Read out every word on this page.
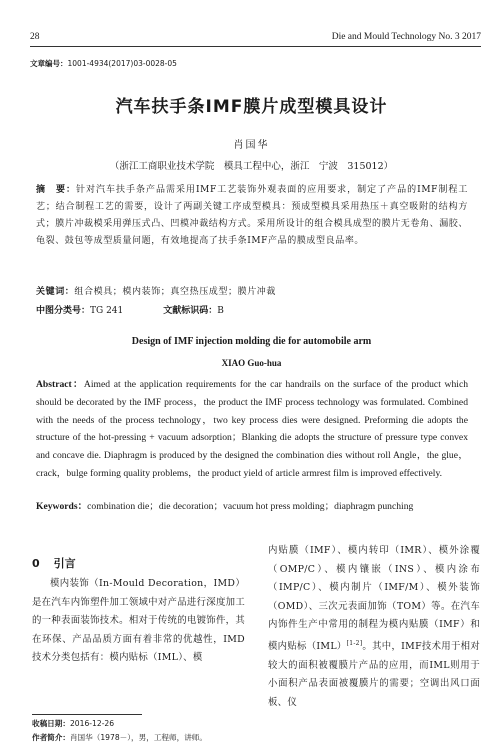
28	Die and Mould Technology No. 3 2017
文章编号：1001-4934(2017)03-0028-05
汽车扶手条IMF膜片成型模具设计
肖国华
（浙江工商职业技术学院　模具工程中心，浙江　宁波　315012）
摘　要：针对汽车扶手条产品需采用IMF工艺装饰外观表面的应用要求，制定了产品的IMF制程工艺；结合制程工艺的需要，设计了两副关键工序成型模具：预成型模具采用热压＋真空吸附的结构方式；膜片冲裁模采用弹压式凸、凹模冲裁结构方式。采用所设计的组合模具成型的膜片无卷角、漏胶、龟裂、鼓包等成型质量问题，有效地提高了扶手条IMF产品的膜成型良品率。
关键词：组合模具；模内装饰；真空热压成型；膜片冲裁
中图分类号：TG 241	文献标识码：B
Design of IMF injection molding die for automobile arm
XIAO Guo-hua
Abstract：Aimed at the application requirements for the car handrails on the surface of the product which should be decorated by the IMF process，the product the IMF process technology was formulated. Combined with the needs of the process technology，two key process dies were designed. Preforming die adopts the structure of the hot-pressing + vacuum adsorption；Blanking die adopts the structure of pressure type convex and concave die. Diaphragm is produced by the designed the combination dies without roll Angle，the glue，crack，bulge forming quality problems，the product yield of article armrest film is improved effectively.
Keywords：combination die；die decoration；vacuum hot press molding；diaphragm punching
0 引言
模内装饰（In-Mould Decoration，IMD）是在汽车内饰塑件加工领域中对产品进行深度加工的一种表面装饰技术。相对于传统的电镀饰件，其在环保、产品品质方面有着非常的优越性，IMD技术分类包括有：模内贴标（IML）、模
内贴膜（IMF）、模内转印（IMR）、模外涂覆（OMP/C）、模内镶嵌（INS）、模内涂布（IMP/C）、模内制片（IMF/M）、模外装饰（OMD）、三次元表面加饰（TOM）等。在汽车内饰件生产中常用的制程为模内贴膜（IMF）和模内贴标（IML）[1-2]。其中，IMF技术用于相对较大的面积被覆膜片产品的应用，而IML则用于小面积产品表面被覆膜片的需要；空调出风口面板、仪
收稿日期：2016-12-26
作者简介：肖国华（1978－），男，工程师，讲师。
